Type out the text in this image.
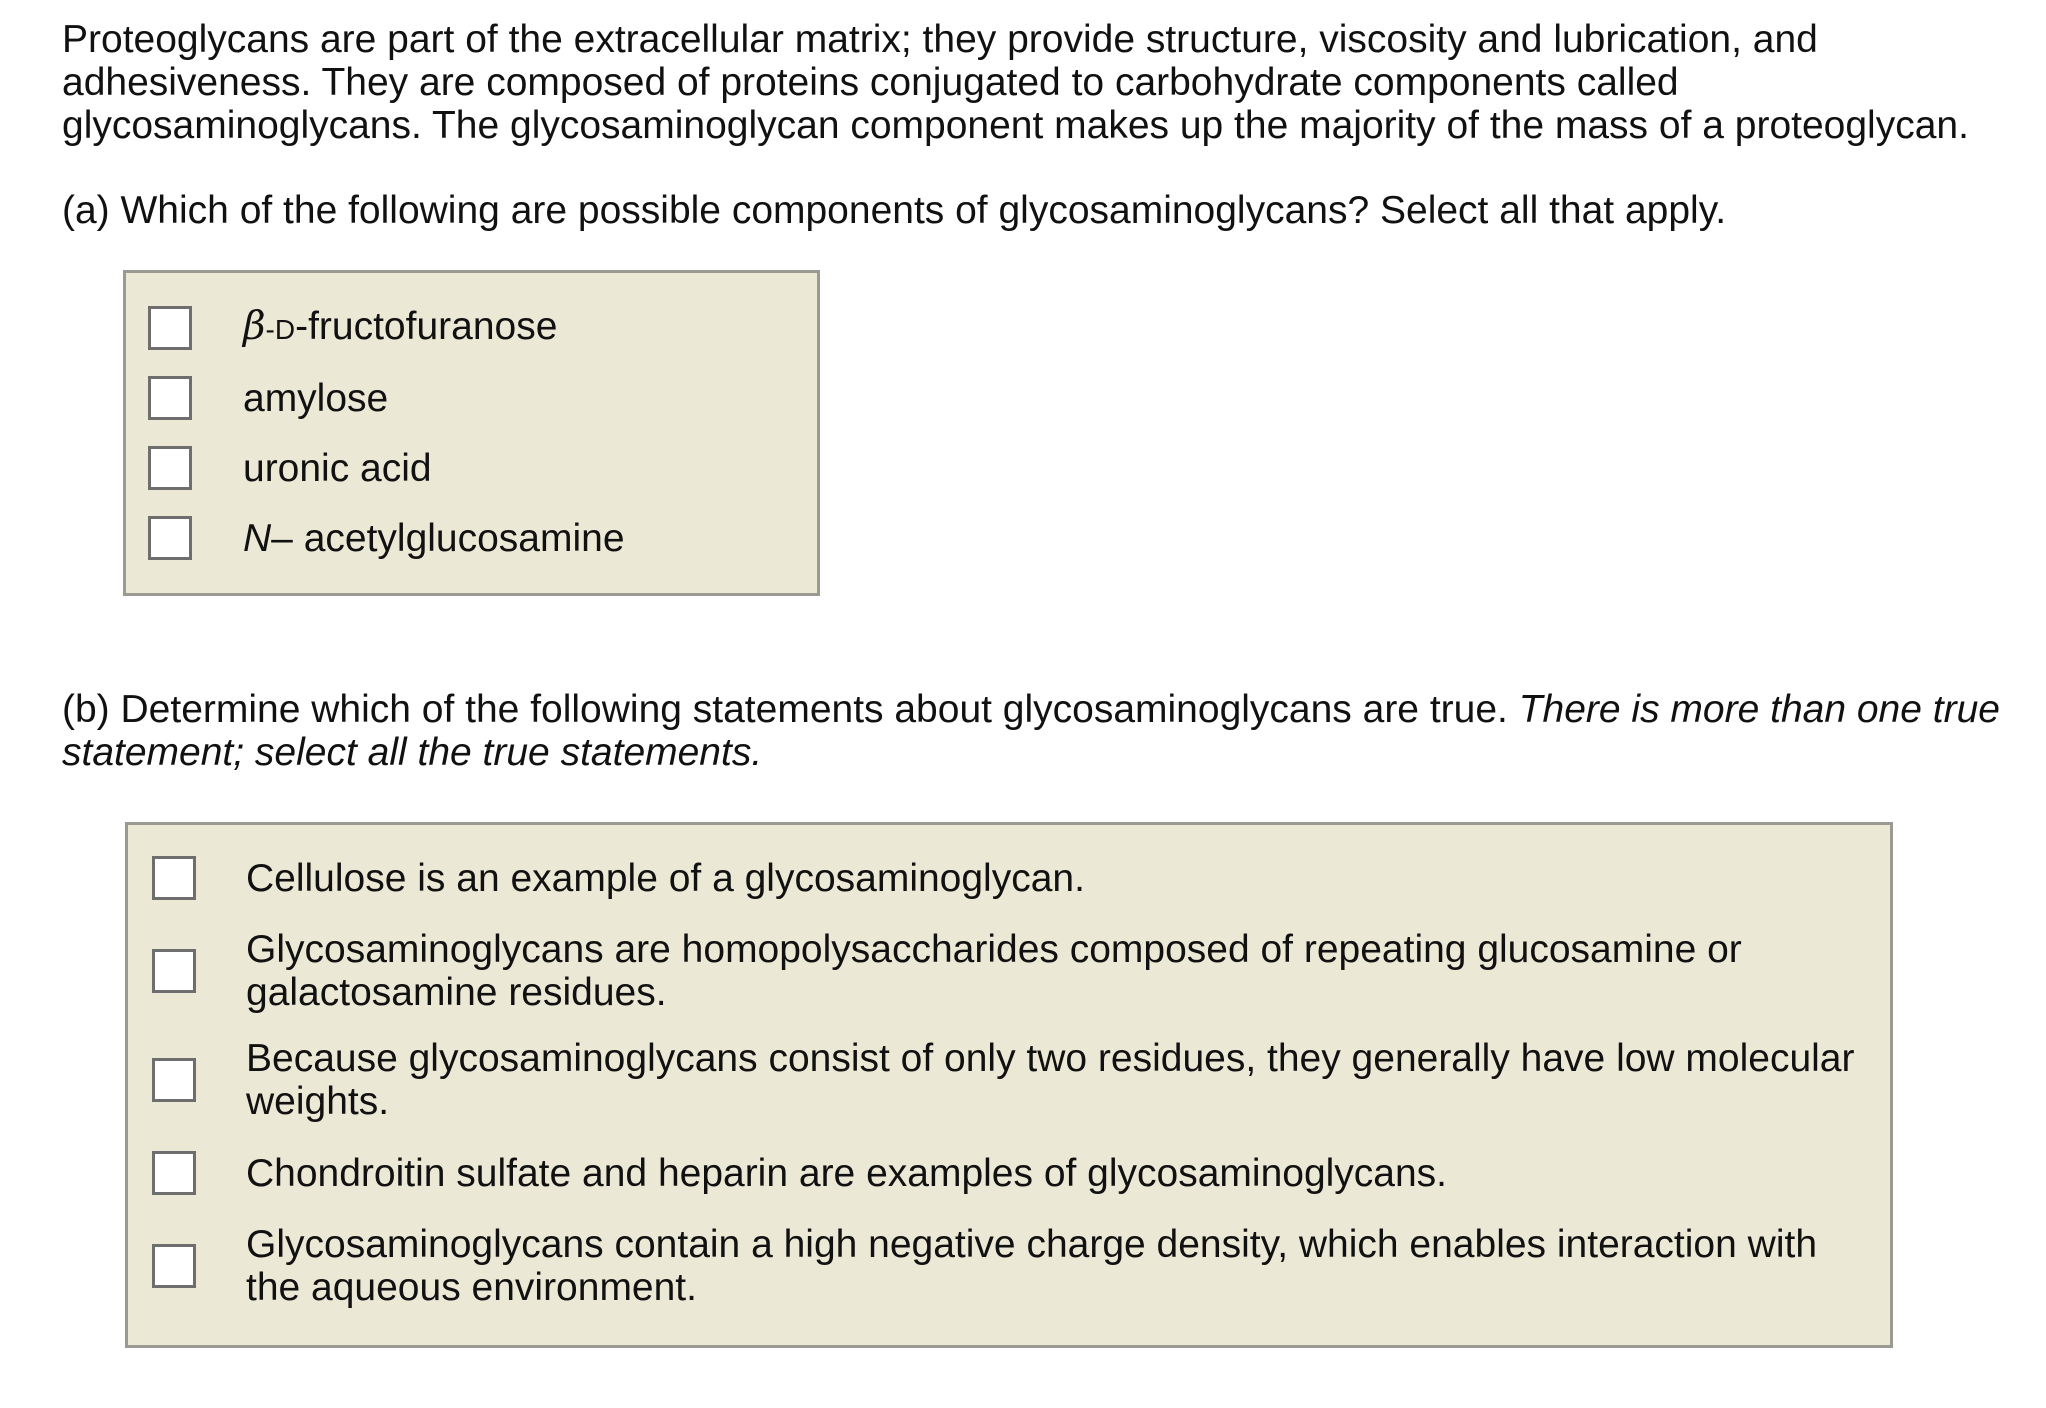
Proteoglycans are part of the extracellular matrix; they provide structure, viscosity and lubrication, and adhesiveness. They are composed of proteins conjugated to carbohydrate components called glycosaminoglycans. The glycosaminoglycan component makes up the majority of the mass of a proteoglycan.

(a) Which of the following are possible components of glycosaminoglycans? Select all that apply.

β-D-fructofuranose
amylose
uronic acid
N– acetylglucosamine

(b) Determine which of the following statements about glycosaminoglycans are true. There is more than one true statement; select all the true statements.

Cellulose is an example of a glycosaminoglycan.
Glycosaminoglycans are homopolysaccharides composed of repeating glucosamine or galactosamine residues.
Because glycosaminoglycans consist of only two residues, they generally have low molecular weights.
Chondroitin sulfate and heparin are examples of glycosaminoglycans.
Glycosaminoglycans contain a high negative charge density, which enables interaction with the aqueous environment.
